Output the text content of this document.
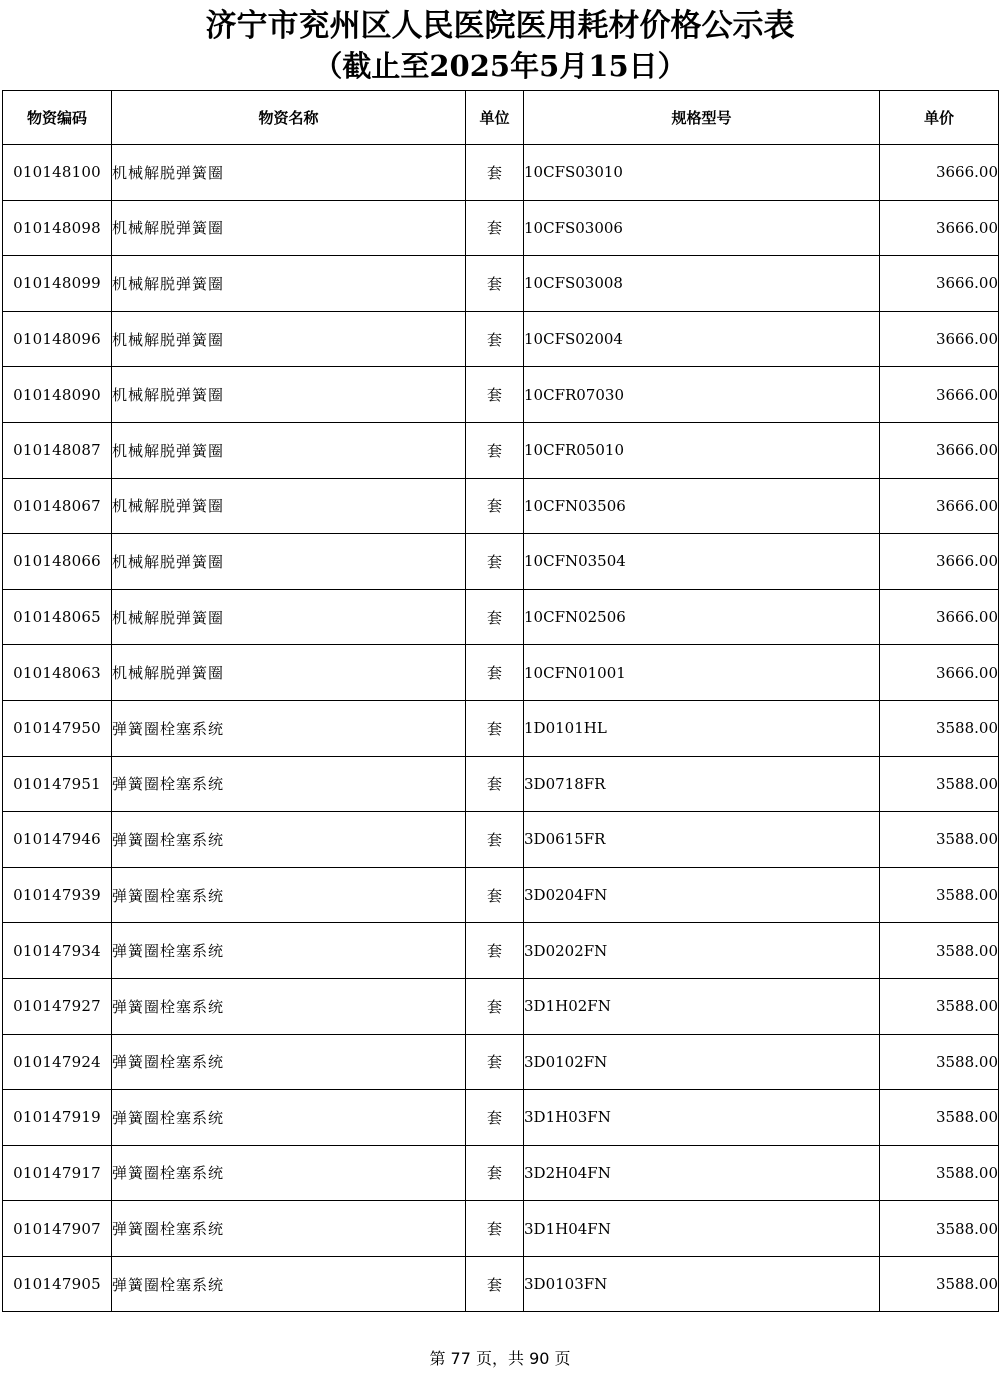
济宁市兖州区人民医院医用耗材价格公示表
（截止至2025年5月15日）
物资编码	物资名称	单位	规格型号	单价
010148100	机械解脱弹簧圈	套	10CFS03010	3666.00
010148098	机械解脱弹簧圈	套	10CFS03006	3666.00
010148099	机械解脱弹簧圈	套	10CFS03008	3666.00
010148096	机械解脱弹簧圈	套	10CFS02004	3666.00
010148090	机械解脱弹簧圈	套	10CFR07030	3666.00
010148087	机械解脱弹簧圈	套	10CFR05010	3666.00
010148067	机械解脱弹簧圈	套	10CFN03506	3666.00
010148066	机械解脱弹簧圈	套	10CFN03504	3666.00
010148065	机械解脱弹簧圈	套	10CFN02506	3666.00
010148063	机械解脱弹簧圈	套	10CFN01001	3666.00
010147950	弹簧圈栓塞系统	套	1D0101HL	3588.00
010147951	弹簧圈栓塞系统	套	3D0718FR	3588.00
010147946	弹簧圈栓塞系统	套	3D0615FR	3588.00
010147939	弹簧圈栓塞系统	套	3D0204FN	3588.00
010147934	弹簧圈栓塞系统	套	3D0202FN	3588.00
010147927	弹簧圈栓塞系统	套	3D1H02FN	3588.00
010147924	弹簧圈栓塞系统	套	3D0102FN	3588.00
010147919	弹簧圈栓塞系统	套	3D1H03FN	3588.00
010147917	弹簧圈栓塞系统	套	3D2H04FN	3588.00
010147907	弹簧圈栓塞系统	套	3D1H04FN	3588.00
010147905	弹簧圈栓塞系统	套	3D0103FN	3588.00
第 77 页，共 90 页
